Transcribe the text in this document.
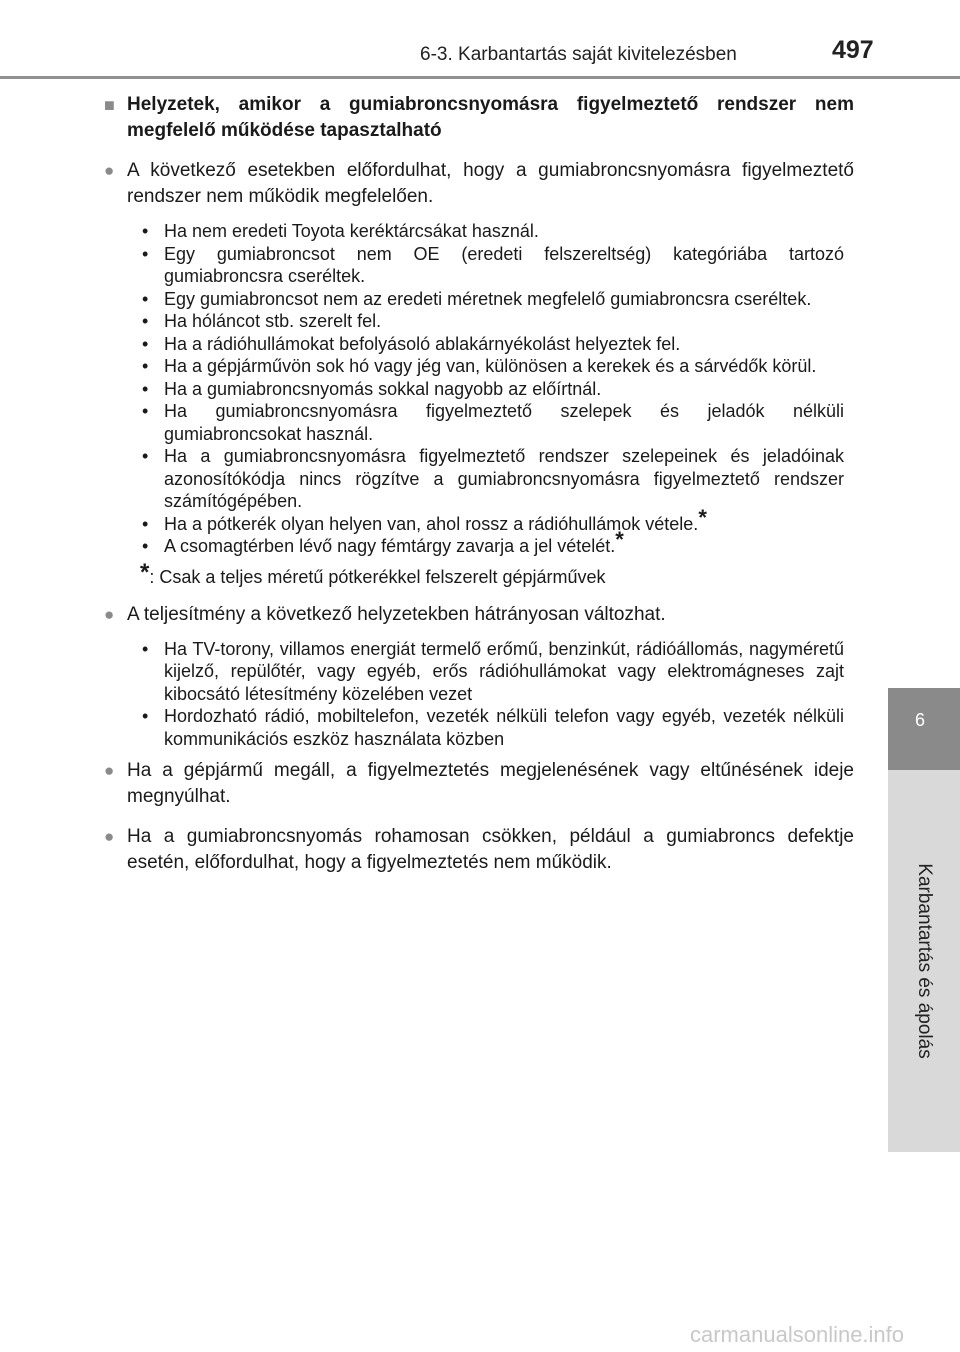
6-3. Karbantartás saját kivitelezésben	497
6
Karbantartás és ápolás
■ Helyzetek, amikor a gumiabroncsnyomásra figyelmeztető rendszer nem megfelelő működése tapasztalható
● A következő esetekben előfordulhat, hogy a gumiabroncsnyomásra figyelmeztető rendszer nem működik megfelelően.
• Ha nem eredeti Toyota keréktárcsákat használ.
• Egy gumiabroncsot nem OE (eredeti felszereltség) kategóriába tartozó gumiabroncsra cseréltek.
• Egy gumiabroncsot nem az eredeti méretnek megfelelő gumiabroncsra cseréltek.
• Ha hóláncot stb. szerelt fel.
• Ha a rádióhullámokat befolyásoló ablakárnyékolást helyeztek fel.
• Ha a gépjárművön sok hó vagy jég van, különösen a kerekek és a sárvédők körül.
• Ha a gumiabroncsnyomás sokkal nagyobb az előírtnál.
• Ha gumiabroncsnyomásra figyelmeztető szelepek és jeladók nélküli gumiabroncsokat használ.
• Ha a gumiabroncsnyomásra figyelmeztető rendszer szelepeinek és jeladóinak azonosítókódja nincs rögzítve a gumiabroncsnyomásra figyelmeztető rendszer számítógépében.
• Ha a pótkerék olyan helyen van, ahol rossz a rádióhullámok vétele.*
• A csomagtérben lévő nagy fémtárgy zavarja a jel vételét.*
*: Csak a teljes méretű pótkerékkel felszerelt gépjárművek
● A teljesítmény a következő helyzetekben hátrányosan változhat.
• Ha TV-torony, villamos energiát termelő erőmű, benzinkút, rádióállomás, nagyméretű kijelző, repülőtér, vagy egyéb, erős rádióhullámokat vagy elektromágneses zajt kibocsátó létesítmény közelében vezet
• Hordozható rádió, mobiltelefon, vezeték nélküli telefon vagy egyéb, vezeték nélküli kommunikációs eszköz használata közben
● Ha a gépjármű megáll, a figyelmeztetés megjelenésének vagy eltűnésének ideje megnyúlhat.
● Ha a gumiabroncsnyomás rohamosan csökken, például a gumiabroncs defektje esetén, előfordulhat, hogy a figyelmeztetés nem működik.
carmanualsonline.info
